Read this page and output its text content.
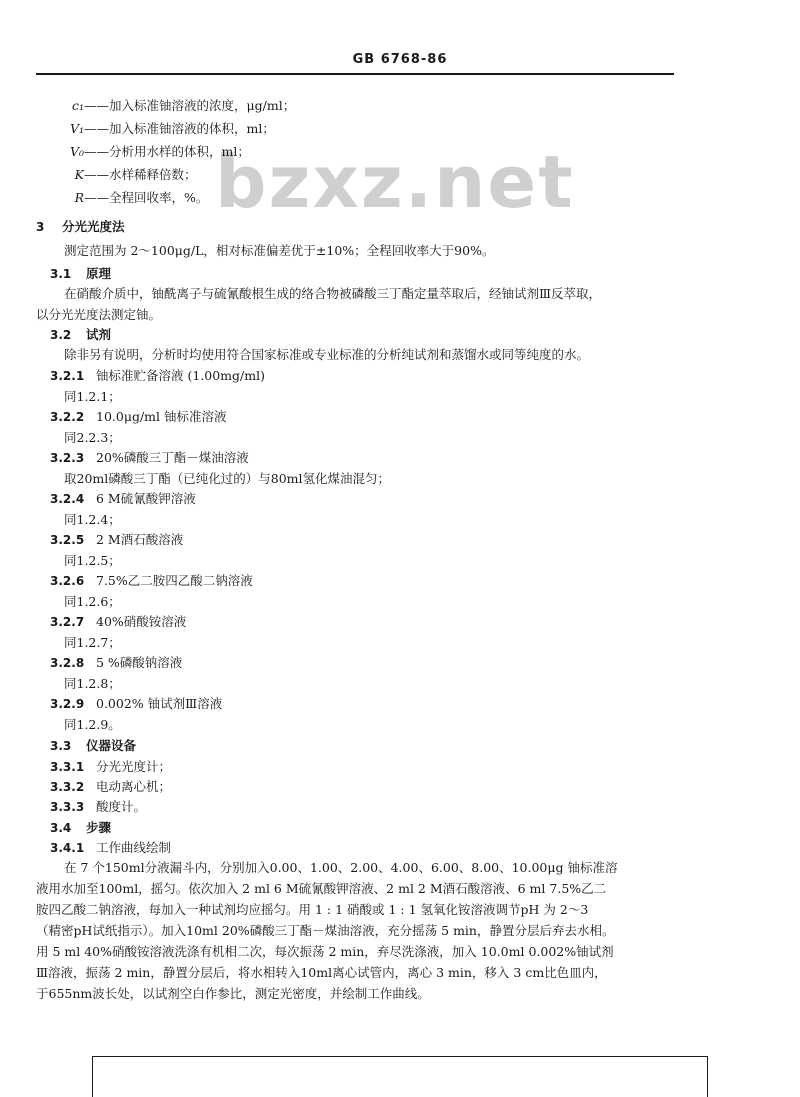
GB 6768-86
bzxz.net
c₁——加入标准铀溶液的浓度，μg/ml；
V₁——加入标准铀溶液的体积，ml；
V₀——分析用水样的体积，ml；
K——水样稀释倍数；
R——全程回收率，%。
3 分光光度法
测定范围为 2～100μg/L，相对标准偏差优于±10%；全程回收率大于90%。
3.1 原理
在硝酸介质中，铀酰离子与硫氰酸根生成的络合物被磷酸三丁酯定量萃取后，经铀试剂Ⅲ反萃取，
以分光光度法测定铀。
3.2 试剂
除非另有说明，分析时均使用符合国家标准或专业标准的分析纯试剂和蒸馏水或同等纯度的水。
3.2.1 铀标准贮备溶液 (1.00mg/ml)
同1.2.1；
3.2.2 10.0μg/ml 铀标准溶液
同2.2.3；
3.2.3 20%磷酸三丁酯－煤油溶液
取20ml磷酸三丁酯（已纯化过的）与80ml氢化煤油混匀；
3.2.4 6 M硫氰酸钾溶液
同1.2.4；
3.2.5 2 M酒石酸溶液
同1.2.5；
3.2.6 7.5%乙二胺四乙酸二钠溶液
同1.2.6；
3.2.7 40%硝酸铵溶液
同1.2.7；
3.2.8 5 %磷酸钠溶液
同1.2.8；
3.2.9 0.002% 铀试剂Ⅲ溶液
同1.2.9。
3.3 仪器设备
3.3.1 分光光度计；
3.3.2 电动离心机；
3.3.3 酸度计。
3.4 步骤
3.4.1 工作曲线绘制
在 7 个150ml分液漏斗内，分别加入0.00、1.00、2.00、4.00、6.00、8.00、10.00μg 铀标准溶
液用水加至100ml，摇匀。依次加入 2 ml 6 M硫氰酸钾溶液、2 ml 2 M酒石酸溶液、6 ml 7.5%乙二
胺四乙酸二钠溶液，每加入一种试剂均应摇匀。用 1 : 1 硝酸或 1 : 1 氢氧化铵溶液调节pH 为 2～3
（精密pH试纸指示）。加入10ml 20%磷酸三丁酯－煤油溶液，充分摇荡 5 min，静置分层后弃去水相。
用 5 ml 40%硝酸铵溶液洗涤有机相二次，每次振荡 2 min，弃尽洗涤液，加入 10.0ml 0.002%铀试剂
Ⅲ溶液，振荡 2 min，静置分层后，将水相转入10ml离心试管内，离心 3 min，移入 3 cm比色皿内，
于655nm波长处，以试剂空白作参比，测定光密度，并绘制工作曲线。
